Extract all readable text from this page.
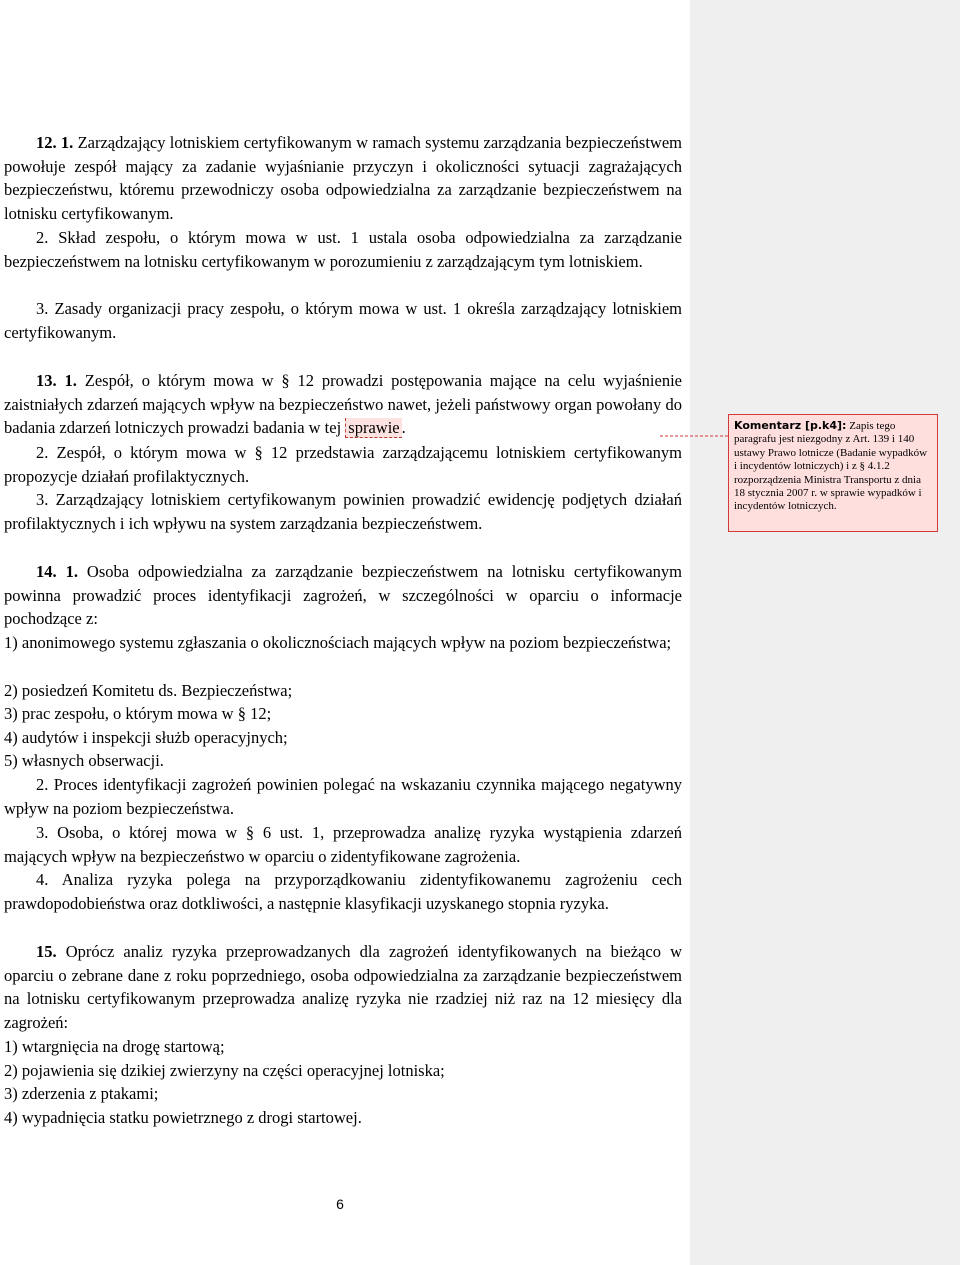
12. 1. Zarządzający lotniskiem certyfikowanym w ramach systemu zarządzania bezpieczeństwem powołuje zespół mający za zadanie wyjaśnianie przyczyn i okoliczności sytuacji zagrażających bezpieczeństwu, któremu przewodniczy osoba odpowiedzialna za zarządzanie bezpieczeństwem na lotnisku certyfikowanym.

2. Skład zespołu, o którym mowa w ust. 1 ustala osoba odpowiedzialna za zarządzanie bezpieczeństwem na lotnisku certyfikowanym w porozumieniu z zarządzającym tym lotniskiem.

3. Zasady organizacji pracy zespołu, o którym mowa w ust. 1 określa zarządzający lotniskiem certyfikowanym.

13. 1. Zespół, o którym mowa w § 12 prowadzi postępowania mające na celu wyjaśnienie zaistniałych zdarzeń mających wpływ na bezpieczeństwo nawet, jeżeli państwowy organ powołany do badania zdarzeń lotniczych prowadzi badania w tej sprawie .

2. Zespół, o którym mowa w § 12 przedstawia zarządzającemu lotniskiem certyfikowanym propozycje działań profilaktycznych.

3. Zarządzający lotniskiem certyfikowanym powinien prowadzić ewidencję podjętych działań profilaktycznych i ich wpływu na system zarządzania bezpieczeństwem.

14. 1. Osoba odpowiedzialna za zarządzanie bezpieczeństwem na lotnisku certyfikowanym powinna prowadzić proces identyfikacji zagrożeń, w szczególności w oparciu o informacje pochodzące z:

1) anonimowego systemu zgłaszania o okolicznościach mających wpływ na poziom bezpieczeństwa;

2) posiedzeń Komitetu ds. Bezpieczeństwa;

3) prac zespołu, o którym mowa w § 12;

4) audytów i inspekcji służb operacyjnych;

5) własnych obserwacji.

2. Proces identyfikacji zagrożeń powinien polegać na wskazaniu czynnika mającego negatywny wpływ na poziom bezpieczeństwa.

3. Osoba, o której mowa w § 6 ust. 1, przeprowadza analizę ryzyka wystąpienia zdarzeń mających wpływ na bezpieczeństwo w oparciu o zidentyfikowane zagrożenia.

4. Analiza ryzyka polega na przyporządkowaniu zidentyfikowanemu zagrożeniu cech prawdopodobieństwa oraz dotkliwości, a następnie klasyfikacji uzyskanego stopnia ryzyka.

15. Oprócz analiz ryzyka przeprowadzanych dla zagrożeń identyfikowanych na bieżąco w oparciu o zebrane dane z roku poprzedniego, osoba odpowiedzialna za zarządzanie bezpieczeństwem na lotnisku certyfikowanym przeprowadza analizę ryzyka nie rzadziej niż raz na 12 miesięcy dla zagrożeń:

1) wtargnięcia na drogę startową;

2) pojawienia się dzikiej zwierzyny na części operacyjnej lotniska;

3) zderzenia z ptakami;

4) wypadnięcia statku powietrznego z drogi startowej.

Komentarz [p.k4]: Zapis tego paragrafu jest niezgodny z Art. 139 i 140 ustawy Prawo lotnicze (Badanie wypadków i incydentów lotniczych) i z § 4.1.2 rozporządzenia Ministra Transportu z dnia 18 stycznia 2007 r. w sprawie wypadków i incydentów lotniczych.
6
